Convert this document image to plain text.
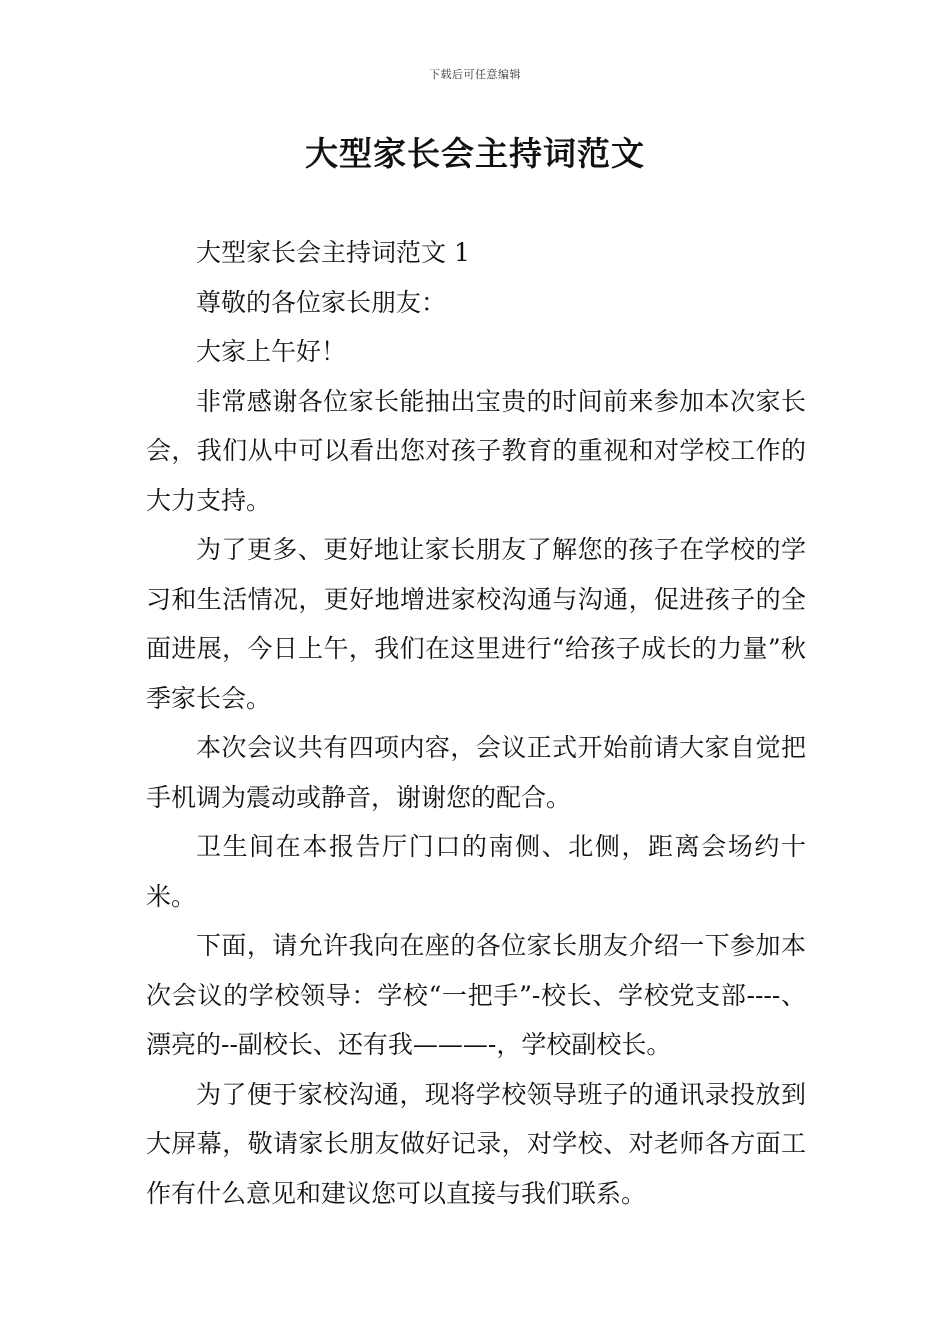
下载后可任意编辑
大型家长会主持词范文

大型家长会主持词范文 1

尊敬的各位家长朋友：

大家上午好！

非常感谢各位家长能抽出宝贵的时间前来参加本次家长会，我们从中可以看出您对孩子教育的重视和对学校工作的大力支持。

为了更多、更好地让家长朋友了解您的孩子在学校的学习和生活情况，更好地增进家校沟通与沟通，促进孩子的全面进展，今日上午，我们在这里进行“给孩子成长的力量”秋季家长会。

本次会议共有四项内容，会议正式开始前请大家自觉把手机调为震动或静音，谢谢您的配合。

卫生间在本报告厅门口的南侧、北侧，距离会场约十米。

下面，请允许我向在座的各位家长朋友介绍一下参加本次会议的学校领导：学校“一把手”-校长、学校党支部----、漂亮的--副校长、还有我———-，学校副校长。

为了便于家校沟通，现将学校领导班子的通讯录投放到大屏幕，敬请家长朋友做好记录，对学校、对老师各方面工作有什么意见和建议您可以直接与我们联系。
